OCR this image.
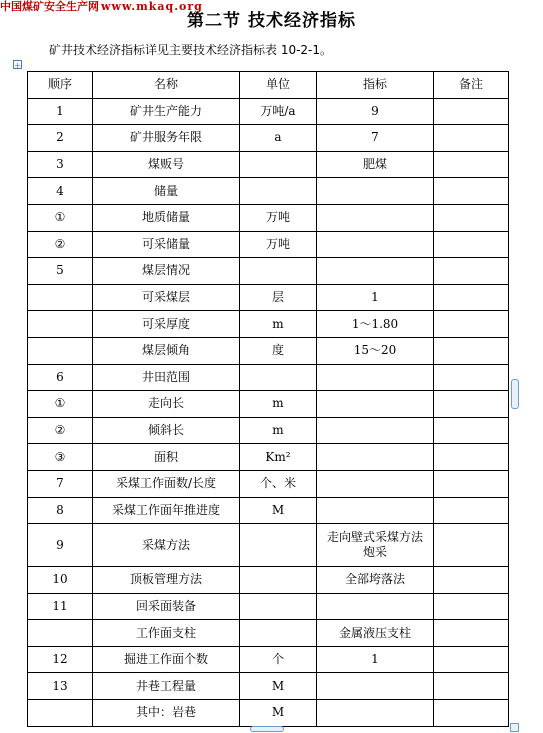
中国煤矿安全生产网 www.mkaq.org
第二节 技术经济指标
矿井技术经济指标详见主要技术经济指标表 10-2-1。
+
顺序	名称	单位	指标	备注
1	矿井生产能力	万吨/a	9	
2	矿井服务年限	a	7	
3	煤贩号		肥煤	
4	储量			
①	地质储量	万吨		
②	可采储量	万吨		
5	煤层情况			
	可采煤层	层	1	
	可采厚度	m	1～1.80	
	煤层倾角	度	15～20	
6	井田范围			
①	走向长	m		
②	倾斜长	m		
③	面积	Km²		
7	采煤工作面数/长度	个、米		
8	采煤工作面年推进度	M		
9	采煤方法		走向壁式采煤方法
炮采	
10	顶板管理方法		全部垮落法	
11	回采面装备			
	工作面支柱		金属液压支柱	
12	掘进工作面个数	个	1	
13	井巷工程量	M		
	其中：岩巷	M		
